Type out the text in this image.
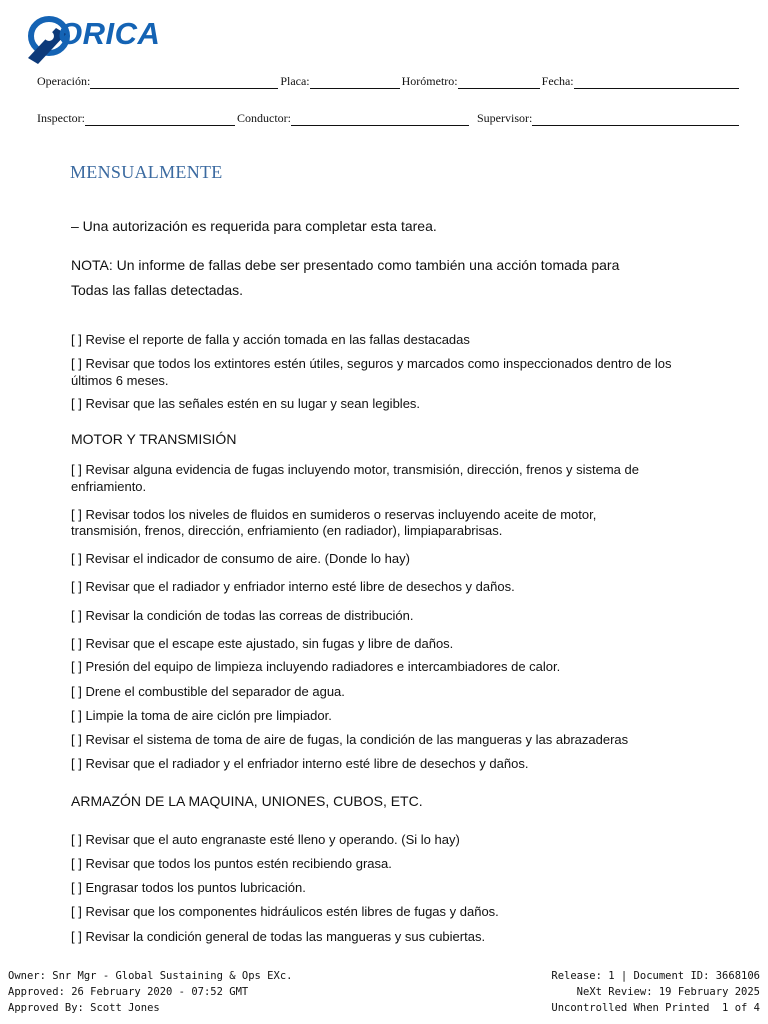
ORICA
Operación:	Placa:	Horómetro:	Fecha:
Inspector:	Conductor:	Supervisor:
MENSUALMENTE
– Una autorización es requerida para completar esta tarea.
NOTA: Un informe de fallas debe ser presentado como también una acción tomada para
Todas las fallas detectadas.
[ ] Revise el reporte de falla y acción tomada en las fallas destacadas
[ ] Revisar que todos los extintores estén útiles, seguros y marcados como inspeccionados dentro de los
últimos 6 meses.
[ ] Revisar que las señales estén en su lugar y sean legibles.
MOTOR Y TRANSMISIÓN
[ ] Revisar alguna evidencia de fugas incluyendo motor, transmisión, dirección, frenos y sistema de
enfriamiento.
[ ] Revisar todos los niveles de fluidos en sumideros o reservas incluyendo aceite de motor,
transmisión, frenos, dirección, enfriamiento (en radiador), limpiaparabrisas.
[ ] Revisar el indicador de consumo de aire. (Donde lo hay)
[ ] Revisar que el radiador y enfriador interno esté libre de desechos y daños.
[ ] Revisar la condición de todas las correas de distribución.
[ ] Revisar que el escape este ajustado, sin fugas y libre de daños.
[ ] Presión del equipo de limpieza incluyendo radiadores e intercambiadores de calor.
[ ] Drene el combustible del separador de agua.
[ ] Limpie la toma de aire ciclón pre limpiador.
[ ] Revisar el sistema de toma de aire de fugas, la condición de las mangueras y las abrazaderas
[ ] Revisar que el radiador y el enfriador interno esté libre de desechos y daños.
ARMAZÓN DE LA MAQUINA, UNIONES, CUBOS, ETC.
[ ] Revisar que el auto engranaste esté lleno y operando. (Si lo hay)
[ ] Revisar que todos los puntos estén recibiendo grasa.
[ ] Engrasar todos los puntos lubricación.
[ ] Revisar que los componentes hidráulicos estén libres de fugas y daños.
[ ] Revisar la condición general de todas las mangueras y sus cubiertas.
Owner: Snr Mgr - Global Sustaining & Ops EXc.
Approved: 26 February 2020 - 07:52 GMT
Approved By: Scott Jones
Release: 1 | Document ID: 3668106
NeXt Review: 19 February 2025
Uncontrolled When Printed  1 of 4
